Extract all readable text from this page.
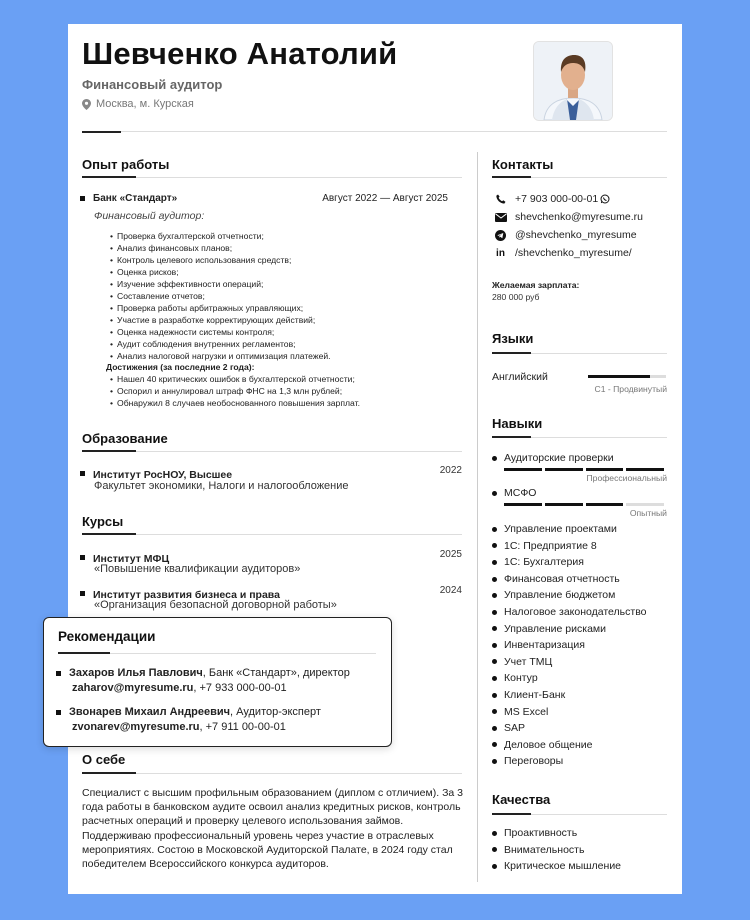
Шевченко Анатолий
Финансовый аудитор
Москва, м. Курская
Опыт работы
Банк «Стандарт»	Август 2022 — Август 2025
Финансовый аудитор:
• Проверка бухгалтерской отчетности;
• Анализ финансовых планов;
• Контроль целевого использования средств;
• Оценка рисков;
• Изучение эффективности операций;
• Составление отчетов;
• Проверка работы арбитражных управляющих;
• Участие в разработке корректирующих действий;
• Оценка надежности системы контроля;
• Аудит соблюдения внутренних регламентов;
• Анализ налоговой нагрузки и оптимизация платежей.
Достижения (за последние 2 года):
• Нашел 40 критических ошибок в бухгалтерской отчетности;
• Оспорил и аннулировал штраф ФНС на 1,3 млн рублей;
• Обнаружил 8 случаев необоснованного повышения зарплат.
Образование
Институт РосНОУ, Высшее	2022
Факультет экономики, Налоги и налогообложение
Курсы
Институт МФЦ	2025
«Повышение квалификации аудиторов»
Институт развития бизнеса и права	2024
«Организация безопасной договорной работы»
О себе
Специалист с высшим профильным образованием (диплом с отличием). За 3 года работы в банковском аудите освоил анализ кредитных рисков, контроль расчетных операций и проверку целевого использования займов. Поддерживаю профессиональный уровень через участие в отраслевых мероприятиях. Состою в Московской Аудиторской Палате, в 2024 году стал победителем Всероссийского конкурса аудиторов.
Контакты
+7 903 000-00-01
shevchenko@myresume.ru
@shevchenko_myresume
in /shevchenko_myresume/
Желаемая зарплата:
280 000 руб
Языки
Английский
C1 - Продвинутый
Навыки
Аудиторские проверки
Профессиональный
МСФО
Опытный
Управление проектами
1С: Предприятие 8
1С: Бухгалтерия
Финансовая отчетность
Управление бюджетом
Налоговое законодательство
Управление рисками
Инвентаризация
Учет ТМЦ
Контур
Клиент-Банк
MS Excel
SAP
Деловое общение
Переговоры
Качества
Проактивность
Внимательность
Критическое мышление
Рекомендации
Захаров Илья Павлович, Банк «Стандарт», директор
zaharov@myresume.ru, +7 933 000-00-01
Звонарев Михаил Андреевич, Аудитор-эксперт
zvonarev@myresume.ru, +7 911 00-00-01
